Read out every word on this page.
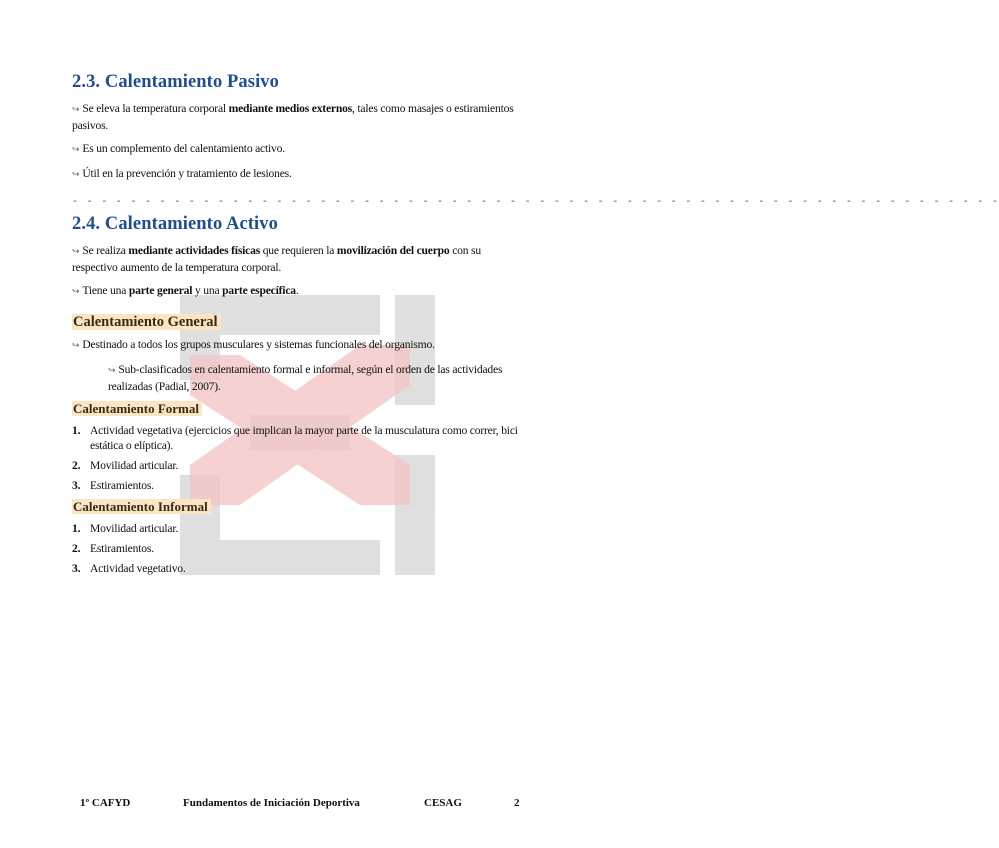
2.3. Calentamiento Pasivo

↪ Se eleva la temperatura corporal mediante medios externos, tales como masajes o estiramientos pasivos.

↪ Es un complemento del calentamiento activo.

↪ Útil en la prevención y tratamiento de lesiones.

- - - - - - - - - - - - - - - - - - - - - - - - - - - - - - - - - - - - - - - - - - - - - - - - - - - - - - - - - - - - - - - -
2.4. Calentamiento Activo

↪ Se realiza mediante actividades físicas que requieren la movilización del cuerpo con su respectivo aumento de la temperatura corporal.

↪ Tiene una parte general y una parte específica.

Calentamiento General

↪ Destinado a todos los grupos musculares y sistemas funcionales del organismo.

↪ Sub-clasificados en calentamiento formal e informal, según el orden de las actividades realizadas (Padial, 2007).

Calentamiento Formal
1. Actividad vegetativa (ejercicios que implican la mayor parte de la musculatura como correr, bici estática o elíptica).
2. Movilidad articular.
3. Estiramientos.
Calentamiento Informal
1. Movilidad articular.
2. Estiramientos.
3. Actividad vegetativo.
1º CAFYD	Fundamentos de Iniciación Deportiva	CESAG	2
